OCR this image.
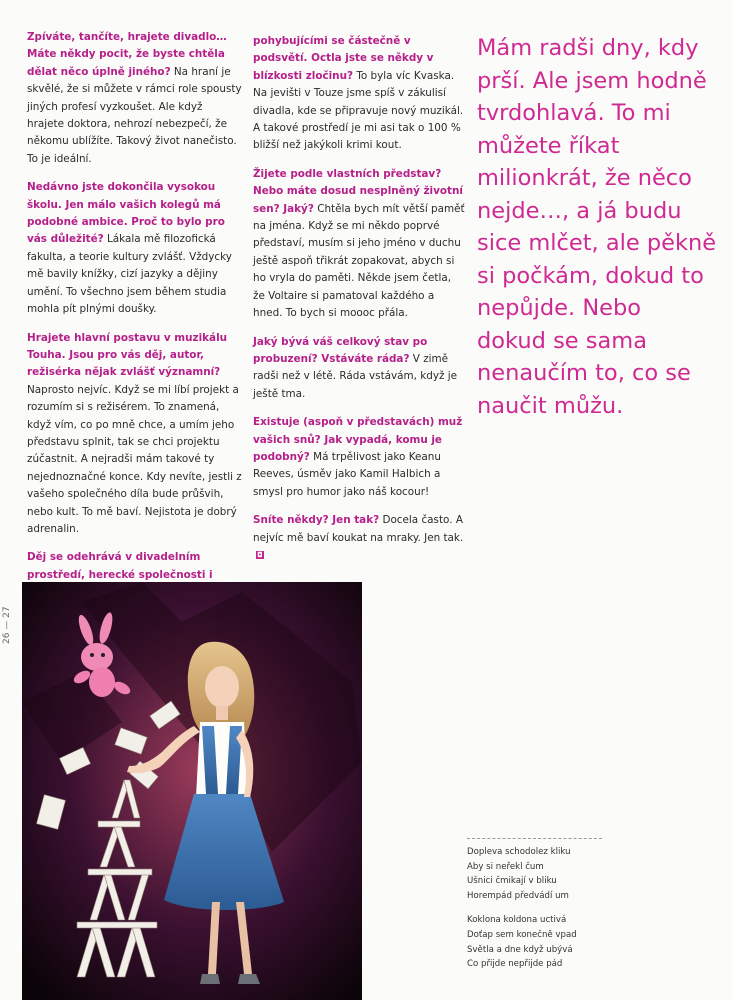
Zpíváte, tančíte, hrajete divadlo… Máte někdy pocit, že byste chtěla dělat něco úplně jiného? Na hraní je skvělé, že si můžete v rámci role spousty jiných profesí vyzkoušet. Ale když hrajete doktora, nehrozí nebezpečí, že někomu ublížíte. Takový život nanečisto. To je ideální.

Nedávno jste dokončila vysokou školu. Jen málo vašich kolegů má podobné ambice. Proč to bylo pro vás důležité? Lákala mě filozofická fakulta, a teorie kultury zvlášť. Vždycky mě bavily knížky, cizí jazyky a dějiny umění. To všechno jsem během studia mohla pít plnými doušky.

Hrajete hlavní postavu v muzikálu Touha. Jsou pro vás děj, autor, režisérka nějak zvlášť významní? Naprosto nejvíc. Když se mi líbí projekt a rozumím si s režisérem. To znamená, když vím, co po mně chce, a umím jeho představu splnit, tak se chci projektu zúčastnit. A nejradši mám takové ty nejednoznačné konce. Kdy nevíte, jestli z vašeho společného díla bude průšvih, nebo kult. To mě baví. Nejistota je dobrý adrenalin.

Děj se odehrává v divadelním prostředí, herecké společnosti i

pohybujícími se částečně v podsvětí. Octla jste se někdy v blízkosti zločinu? To byla víc Kvaska. Na jevišti v Touze jsme spíš v zákulisí divadla, kde se připravuje nový muzikál. A takové prostředí je mi asi tak o 100 % bližší než jakýkoli krimi kout.

Žijete podle vlastních představ? Nebo máte dosud nesplněný životní sen? Jaký? Chtěla bych mít větší paměť na jména. Když se mi někdo poprvé představí, musím si jeho jméno v duchu ještě aspoň třikrát zopakovat, abych si ho vryla do paměti. Někde jsem četla, že Voltaire si pamatoval každého a hned. To bych si moooc přála.

Jaký bývá váš celkový stav po probuzení? Vstáváte ráda? V zimě radši než v létě. Ráda vstávám, když je ještě tma.

Existuje (aspoň v představách) muž vašich snů? Jak vypadá, komu je podobný? Má trpělivost jako Keanu Reeves, úsměv jako Kamil Halbich a smysl pro humor jako náš kocour!

Sníte někdy? Jen tak? Docela často. A nejvíc mě baví koukat na mraky. Jen tak.◘

Mám radši dny, kdy prší. Ale jsem hodně tvrdohlavá. To mi můžete říkat milionkrát, že něco nejde…, a já budu sice mlčet, ale pěkně si počkám, dokud to nepůjde. Nebo dokud se sama nenaučím to, co se naučit můžu.
26 — 27
Dopleva schodolez kliku
Aby si neřekl čum
Ušnici čmikají v bliku
Horempád předvádí um
Koklona koldona uctivá
Doťap sem konečně vpad
Světla a dne když ubývá
Co přijde nepřijde pád
